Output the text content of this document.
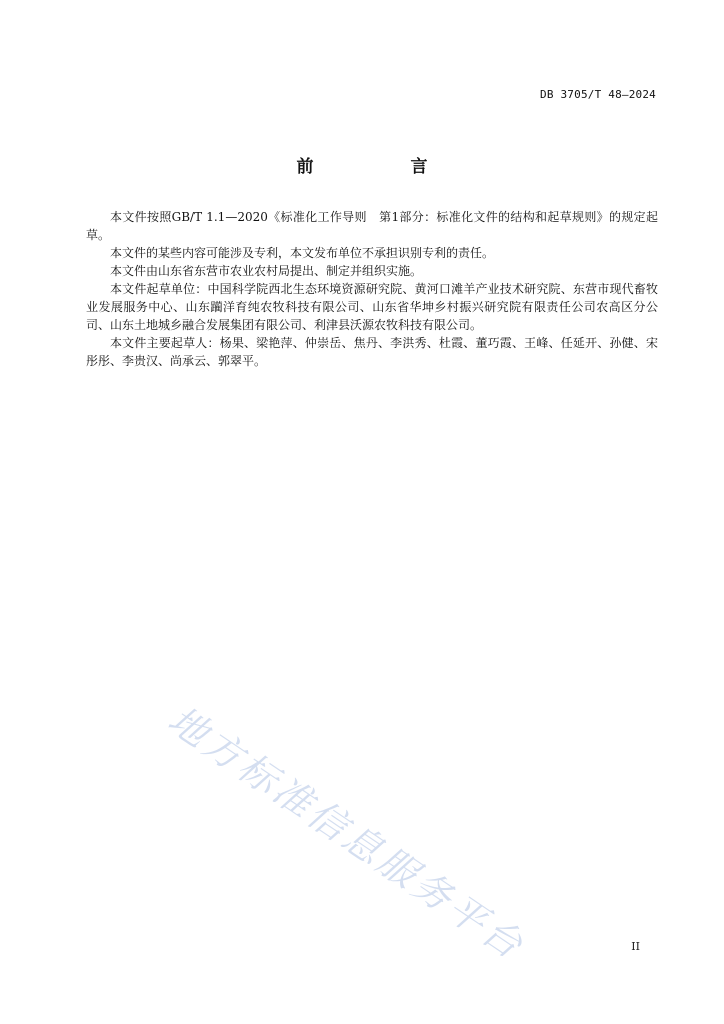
DB 3705/T 48—2024
前　言

本文件按照GB/T 1.1—2020《标准化工作导则　第1部分：标准化文件的结构和起草规则》的规定起草。

本文件的某些内容可能涉及专利，本文发布单位不承担识别专利的责任。

本文件由山东省东营市农业农村局提出、制定并组织实施。

本文件起草单位：中国科学院西北生态环境资源研究院、黄河口滩羊产业技术研究院、东营市现代畜牧业发展服务中心、山东躏洋育纯农牧科技有限公司、山东省华坤乡村振兴研究院有限责任公司农高区分公司、山东土地城乡融合发展集团有限公司、利津县沃源农牧科技有限公司。

本文件主要起草人：杨果、梁艳萍、仲崇岳、焦丹、李洪秀、杜霞、董巧霞、王峰、任延开、孙健、宋彤彤、李贵汉、尚承云、郭翠平。

地方标准信息服务平台	II
